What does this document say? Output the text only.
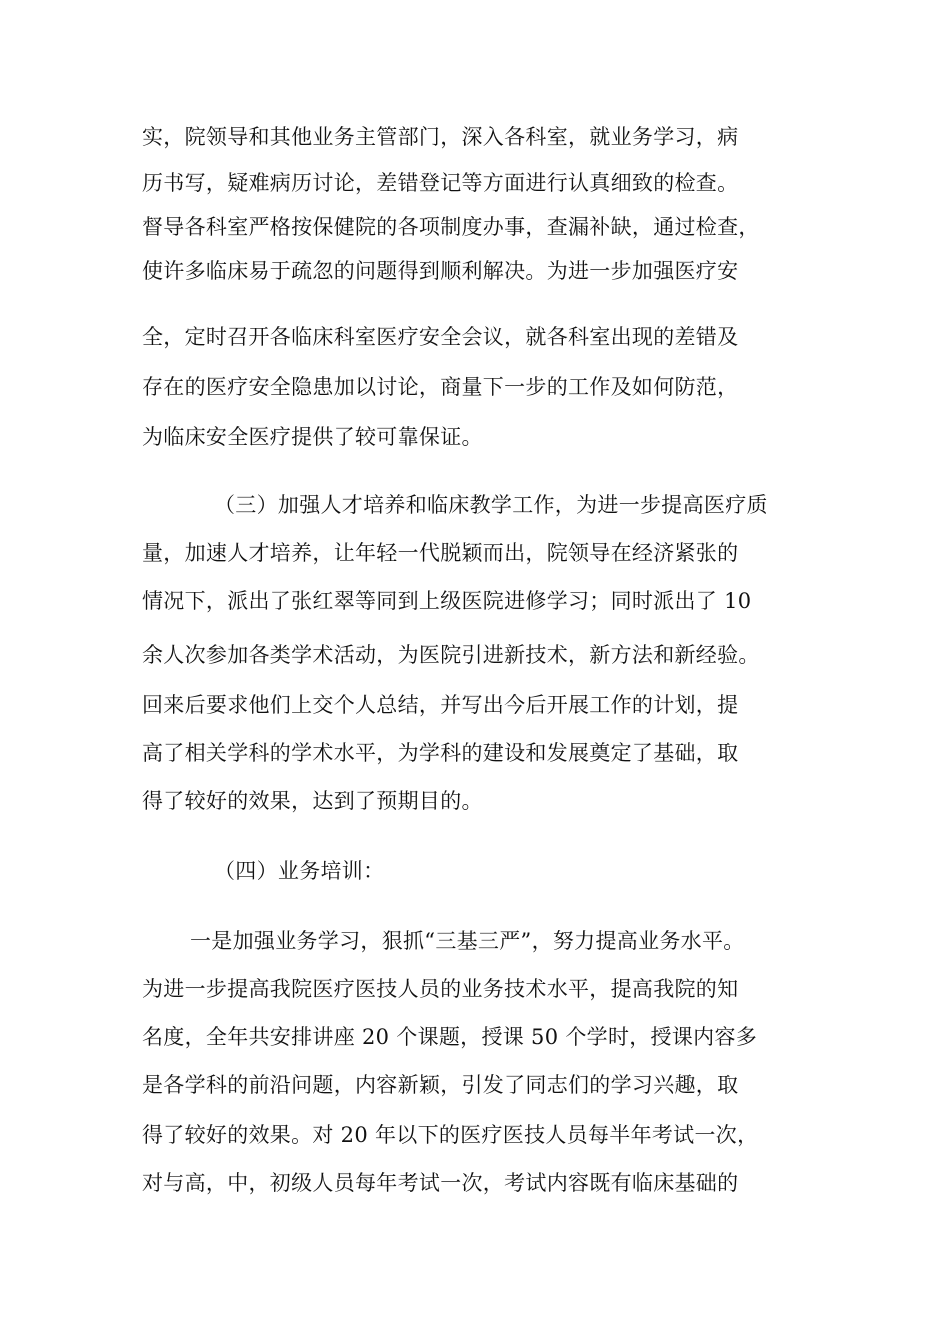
实，院领导和其他业务主管部门，深入各科室，就业务学习，病
历书写，疑难病历讨论，差错登记等方面进行认真细致的检查。
督导各科室严格按保健院的各项制度办事，查漏补缺，通过检查，
使许多临床易于疏忽的问题得到顺利解决。为进一步加强医疗安
全，定时召开各临床科室医疗安全会议，就各科室出现的差错及
存在的医疗安全隐患加以讨论，商量下一步的工作及如何防范，
为临床安全医疗提供了较可靠保证。
（三）加强人才培养和临床教学工作，为进一步提高医疗质
量，加速人才培养，让年轻一代脱颖而出，院领导在经济紧张的
情况下，派出了张红翠等同到上级医院进修学习；同时派出了 10
余人次参加各类学术活动，为医院引进新技术，新方法和新经验。
回来后要求他们上交个人总结，并写出今后开展工作的计划，提
高了相关学科的学术水平，为学科的建设和发展奠定了基础，取
得了较好的效果，达到了预期目的。
（四）业务培训：
一是加强业务学习，狠抓“三基三严”，努力提高业务水平。
为进一步提高我院医疗医技人员的业务技术水平，提高我院的知
名度，全年共安排讲座 20 个课题，授课 50 个学时，授课内容多
是各学科的前沿问题，内容新颖，引发了同志们的学习兴趣，取
得了较好的效果。对 20 年以下的医疗医技人员每半年考试一次，
对与高，中，初级人员每年考试一次，考试内容既有临床基础的
